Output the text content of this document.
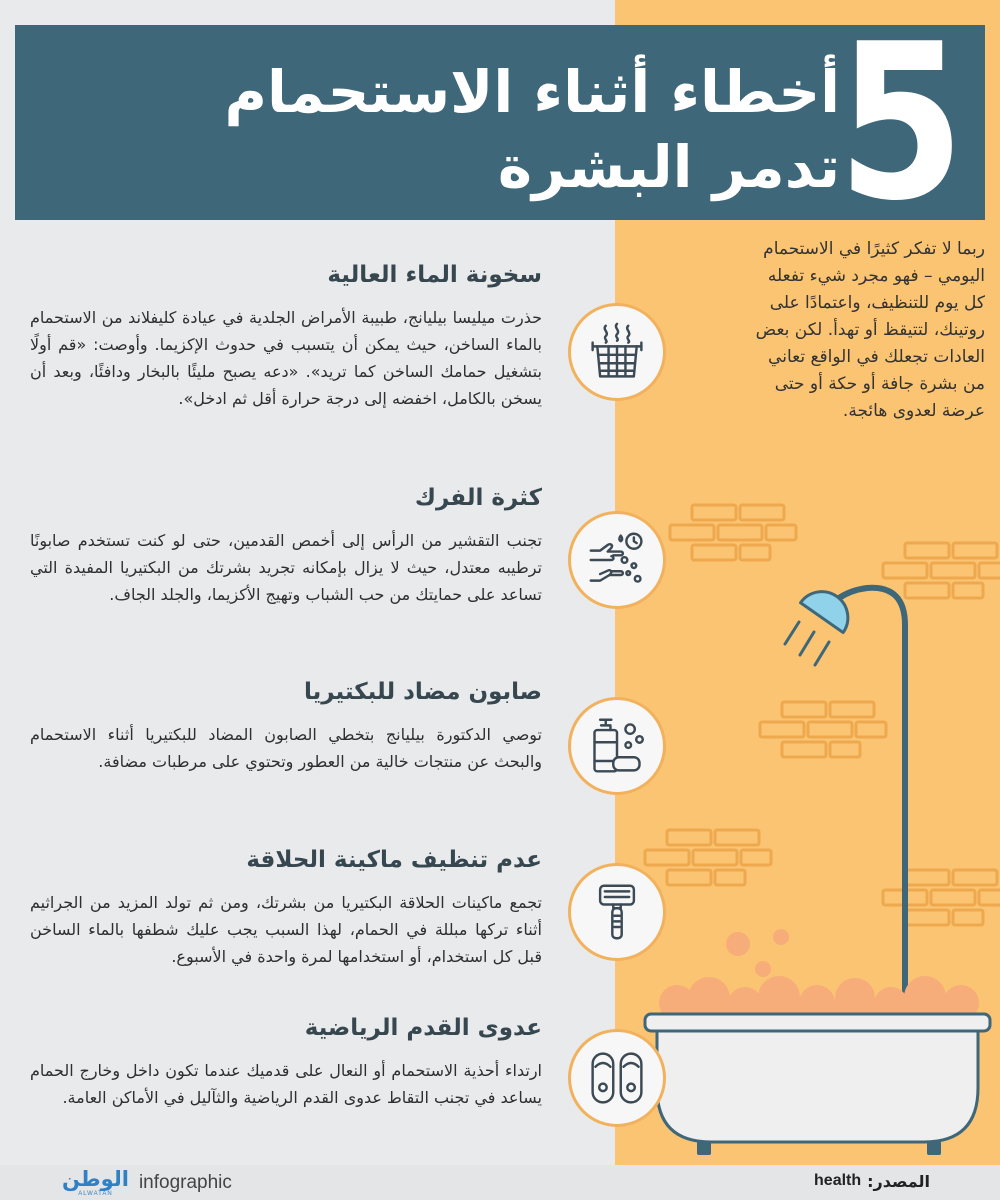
5
أخطاء أثناء الاستحمام
تدمر البشرة
ربما لا تفكر كثيرًا في الاستحمام اليومي – فهو مجرد شيء تفعله كل يوم للتنظيف، واعتمادًا على روتينك، لتتيقظ أو تهدأ. لكن بعض العادات تجعلك في الواقع تعاني من بشرة جافة أو حكة أو حتى عرضة لعدوى هائجة.
سخونة الماء العالية

حذرت ميليسا بيليانج، طبيبة الأمراض الجلدية في عيادة كليفلاند من الاستحمام بالماء الساخن، حيث يمكن أن يتسبب في حدوث الإكزيما. وأوصت: «قم أولًا بتشغيل حمامك الساخن كما تريد». «دعه يصبح مليئًا بالبخار ودافئًا، وبعد أن يسخن بالكامل، اخفضه إلى درجة حرارة أقل ثم ادخل».

كثرة الفرك

تجنب التقشير من الرأس إلى أخمص القدمين، حتى لو كنت تستخدم صابونًا ترطيبه معتدل، حيث لا يزال بإمكانه تجريد بشرتك من البكتيريا المفيدة التي تساعد على حمايتك من حب الشباب وتهيج الأكزيما، والجلد الجاف.

صابون مضاد للبكتيريا

توصي الدكتورة بيليانج بتخطي الصابون المضاد للبكتيريا أثناء الاستحمام والبحث عن منتجات خالية من العطور وتحتوي على مرطبات مضافة.

عدم تنظيف ماكينة الحلاقة

تجمع ماكينات الحلاقة البكتيريا من بشرتك، ومن ثم تولد المزيد من الجراثيم أثناء تركها مبللة في الحمام، لهذا السبب يجب عليك شطفها بالماء الساخن قبل كل استخدام، أو استخدامها لمرة واحدة في الأسبوع.

عدوى القدم الرياضية

ارتداء أحذية الاستحمام أو النعال على قدميك عندما تكون داخل وخارج الحمام يساعد في تجنب التقاط عدوى القدم الرياضية والثآليل في الأماكن العامة.

الوطن
ALWATAN
infographic	المصدر:
health
